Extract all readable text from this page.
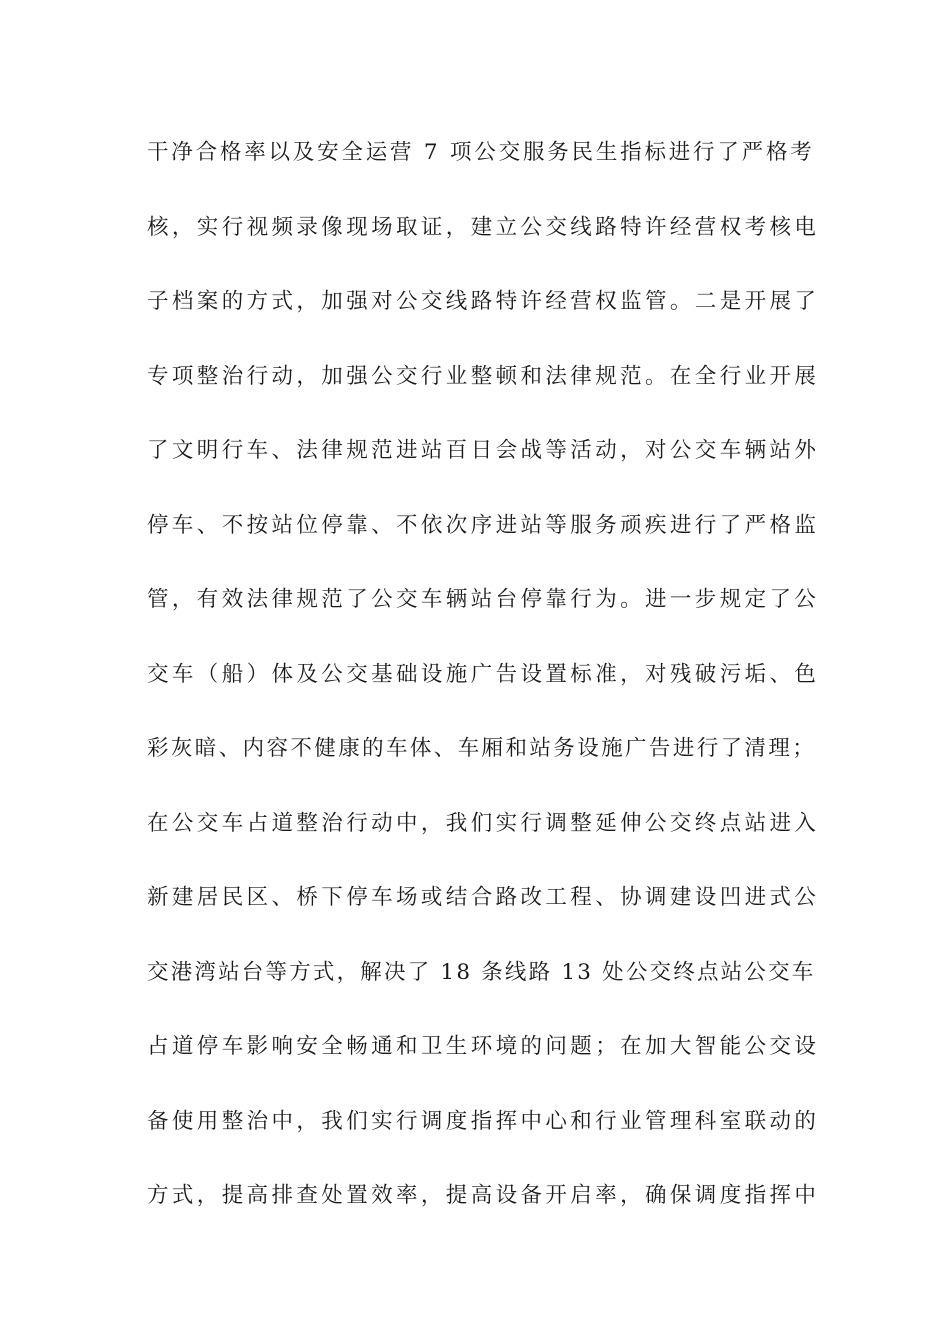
干净合格率以及安全运营 7 项公交服务民生指标进行了严格考
核，实行视频录像现场取证，建立公交线路特许经营权考核电
子档案的方式，加强对公交线路特许经营权监管。二是开展了
专项整治行动，加强公交行业整顿和法律规范。在全行业开展
了文明行车、法律规范进站百日会战等活动，对公交车辆站外
停车、不按站位停靠、不依次序进站等服务顽疾进行了严格监
管，有效法律规范了公交车辆站台停靠行为。进一步规定了公
交车（船）体及公交基础设施广告设置标准，对残破污垢、色
彩灰暗、内容不健康的车体、车厢和站务设施广告进行了清理；
在公交车占道整治行动中，我们实行调整延伸公交终点站进入
新建居民区、桥下停车场或结合路改工程、协调建设凹进式公
交港湾站台等方式，解决了 18 条线路 13 处公交终点站公交车
占道停车影响安全畅通和卫生环境的问题；在加大智能公交设
备使用整治中，我们实行调度指挥中心和行业管理科室联动的
方式，提高排查处置效率，提高设备开启率，确保调度指挥中
